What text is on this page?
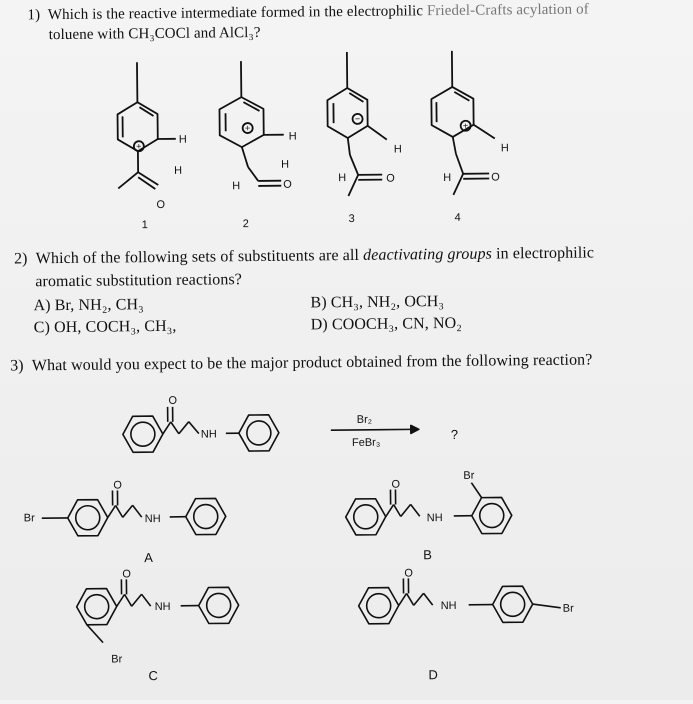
1) Which is the reactive intermediate formed in the electrophilic Friedel-Crafts acylation of
toluene with CH₃COCl and AlCl₃?
H
H
O
H
H
H	O
H
H	O
H
H	O
1	2	3	4
+
+
−
+
2) Which of the following sets of substituents are all deactivating groups in electrophilic
aromatic substitution reactions?
A) Br, NH₂, CH₃
C) OH, COCH₃, CH₃,
B) CH₃, NH₂, OCH₃
D) COOCH₃, CN, NO₂
3) What would you expect to be the major product obtained from the following reaction?
O
NH
Br₂
FeBr₃
?
Br
O
NH
A
Br
O
NH
B
Br
O
NH
C
O
NH	Br
D
